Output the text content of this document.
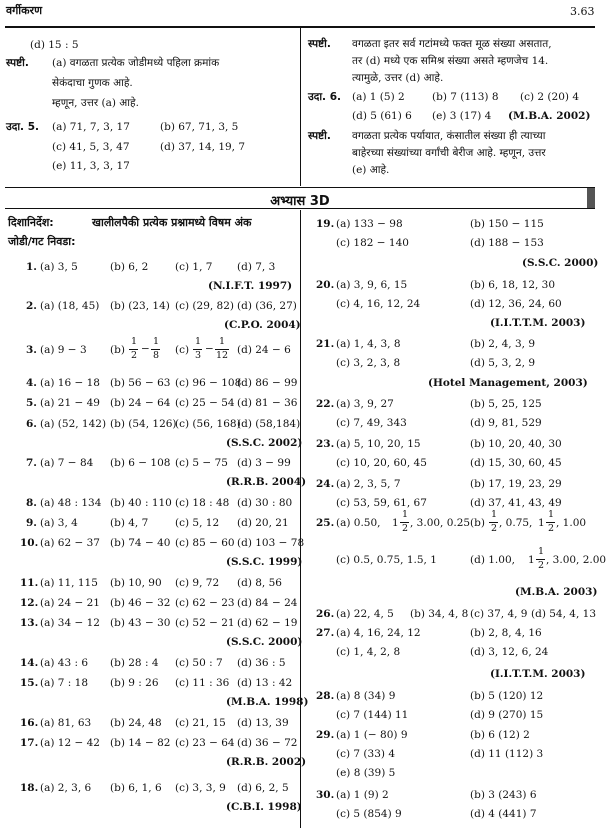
वर्गीकरण	3.63
(d) 15 : 5
स्पष्टी. (a) वगळता प्रत्येक जोडीमध्ये पहिला क्रमांक
सेकंदाचा गुणक आहे.
म्हणून, उत्तर (a) आहे.
उदा. 5. (a) 71, 7, 3, 17	(b) 67, 71, 3, 5
(c) 41, 5, 3, 47	(d) 37, 14, 19, 7
(e) 11, 3, 3, 17
स्पष्टी. वगळता इतर सर्व गटांमध्ये फक्त मूळ संख्या असतात,
तर (d) मध्ये एक समिश्र संख्या असते म्हणजेच 14.
त्यामुळे, उत्तर (d) आहे.
उदा. 6. (a) 1 (5) 2	(b) 7 (113) 8 (c) 2 (20) 4
(d) 5 (61) 6 (e) 3 (17) 4 (M.B.A. 2002)
स्पष्टी. वगळता प्रत्येक पर्यायात, कंसातील संख्या ही त्याच्या
बाहेरच्या संख्यांच्या वर्गांची बेरीज आहे. म्हणून, उत्तर
(e) आहे.
अभ्यास 3D
दिशानिर्देश:	खालीलपैकी प्रत्येक प्रश्नामध्ये विषम अंक
जोडी/गट निवडा:
1. (a) 3, 5	(b) 6, 2	(c) 1, 7 (d) 7, 3
(N.I.F.T. 1997)
2. (a) (18, 45) (b) (23, 14) (c) (29, 82) (d) (36, 27)
(C.P.O. 2004)
3. (a) 9 − 3 (b)
1
2
−
1
8 (c)
1
3
−
1
12 (d) 24 − 6
4. (a) 16 − 18 (b) 56 − 63 (c) 96 − 108
(d) 86 − 99
5. (a) 21 − 49 (b) 24 − 64 (c) 25 − 54 (d) 81 − 36
6. (a) (52, 142) (b) (54, 126)
(c) (56, 168)
(d) (58,184)
(S.S.C. 2002)
7. (a) 7 − 84 (b) 6 − 108 (c) 5 − 75 (d) 3 − 99
(R.R.B. 2004)
8. (a) 48 : 134 (b) 40 : 110 (c) 18 : 48 (d) 30 : 80
9. (a) 3, 4	(b) 4, 7	(c) 5, 12 (d) 20, 21
10. (a) 62 − 37 (b) 74 − 40 (c) 85 − 60 (d) 103 − 78
(S.S.C. 1999)
11. (a) 11, 115 (b) 10, 90 (c) 9, 72 (d) 8, 56
12. (a) 24 − 21 (b) 46 − 32 (c) 62 − 23 (d) 84 − 24
13. (a) 34 − 12 (b) 43 − 30 (c) 52 − 21 (d) 62 − 19
(S.S.C. 2000)
14. (a) 43 : 6 (b) 28 : 4 (c) 50 : 7 (d) 36 : 5
15. (a) 7 : 18 (b) 9 : 26 (c) 11 : 36 (d) 13 : 42
(M.B.A. 1998)
16. (a) 81, 63 (b) 24, 48 (c) 21, 15 (d) 13, 39
17. (a) 12 − 42 (b) 14 − 82 (c) 23 − 64 (d) 36 − 72
(R.R.B. 2002)
18. (a) 2, 3, 6 (b) 6, 1, 6 (c) 3, 3, 9 (d) 6, 2, 5
(C.B.I. 1998)
19. (a) 133 − 98	(b) 150 − 115
(c) 182 − 140	(d) 188 − 153
(S.S.C. 2000)
20. (a) 3, 9, 6, 15	(b) 6, 18, 12, 30
(c) 4, 16, 12, 24	(d) 12, 36, 24, 60
(I.I.T.T.M. 2003)
21. (a) 1, 4, 3, 8	(b) 2, 4, 3, 9
(c) 3, 2, 3, 8	(d) 5, 3, 2, 9
(Hotel Management, 2003)
22. (a) 3, 9, 27	(b) 5, 25, 125
(c) 7, 49, 343	(d) 9, 81, 529
23. (a) 5, 10, 20, 15	(b) 10, 20, 40, 30
(c) 10, 20, 60, 45	(d) 15, 30, 60, 45
24. (a) 2, 3, 5, 7	(b) 17, 19, 23, 29
(c) 53, 59, 61, 67	(d) 37, 41, 43, 49
25. (a) 0.50, 1
1
2 , 3.00, 0.25 (b)
1
2 , 0.75, 1
1
2 , 1.00
(c) 0.5, 0.75, 1.5, 1	(d) 1.00, 1
1
2 , 3.00, 2.00
(M.B.A. 2003)
26. (a) 22, 4, 5 (b) 34, 4, 8 (c) 37, 4, 9 (d) 54, 4, 13
27. (a) 4, 16, 24, 12	(b) 2, 8, 4, 16
(c) 1, 4, 2, 8	(d) 3, 12, 6, 24
(I.I.T.T.M. 2003)
28. (a) 8 (34) 9	(b) 5 (120) 12
(c) 7 (144) 11	(d) 9 (270) 15
29. (a) 1 (− 80) 9	(b) 6 (12) 2
(c) 7 (33) 4	(d) 11 (112) 3
(e) 8 (39) 5
30. (a) 1 (9) 2	(b) 3 (243) 6
(c) 5 (854) 9	(d) 4 (441) 7
